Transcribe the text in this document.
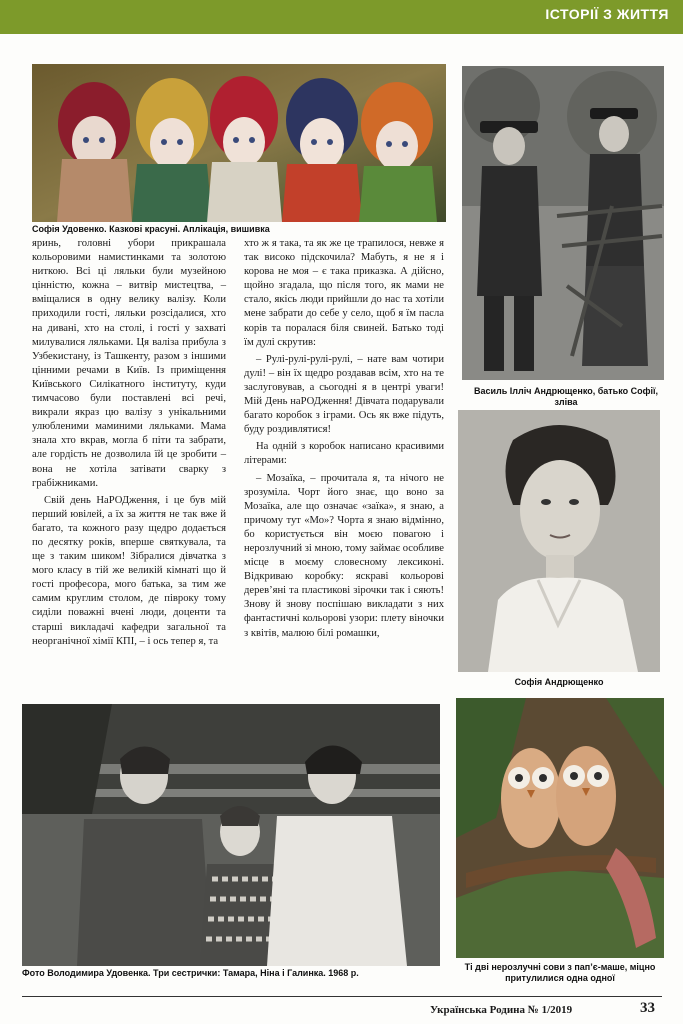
ІСТОРІЇ З ЖИТТЯ
Софія Удовенко. Казкові красуні. Аплікація, вишивка
Василь Ілліч Андрющенко, батько Софії, зліва
Софія Андрющенко
Фото Володимира Удовенка. Три сестрички: Тамара, Ніна і Галинка. 1968 р.
Ті дві нерозлучні сови з пап’є-маше, міцно притулилися одна одної

яринь, головні убори прикрашала кольоровими намистинками та золотою ниткою. Всі ці ляльки були музейною цінністю, кожна – витвір мистецтва, – вміщалися в одну велику валізу. Коли приходили гості, ляльки розсідалися, хто на дивані, хто на столі, і гості у захваті милувалися ляльками. Ця валіза прибула з Узбекистану, із Ташкенту, разом з іншими цінними речами в Київ. Із приміщення Київського Силікатного інституту, куди тимчасово були поставлені всі речі, викрали якраз цю валізу з унікальними улюбленими маминими ляльками. Мама знала хто вкрав, могла б піти та забрати, але гордість не дозволила їй це зробити – вона не хотіла затівати сварку з грабіжниками.

Свій день НаРОДження, і це був мій перший ювілей, а їх за життя не так вже й багато, та кожного разу щедро додається по десятку років, вперше святкувала, та ще з таким шиком! Зібралися дівчатка з мого класу в тій же великій кімнаті що й гості професора, мого батька, за тим же самим круглим столом, де півроку тому сиділи поважні вчені люди, доценти та старші викладачі кафедри загальної та неорганічної хімії КПІ, – і ось тепер я, та

хто ж я така, та як же це трапилося, невже я так високо підскочила? Мабуть, я не я і корова не моя – є така приказка. А дійсно, щойно згадала, що після того, як мами не стало, якісь люди прийшли до нас та хотіли мене забрати до себе у село, щоб я їм пасла корів та поралася біля свиней. Батько тоді їм дулі скрутив:

– Рулі-рулі-рулі-рулі, – нате вам чотири дулі! – він їх щедро роздавав всім, хто на те заслуговував, а сьогодні я в центрі уваги! Мій День наРОДження! Дівчата подарували багато коробок з іграми. Ось як вже підуть, буду роздивлятися!

На одній з коробок написано красивими літерами:

– Мозаїка, – прочитала я, та нічого не зрозуміла. Чорт його знає, що воно за Мозаїка, але що означає «заїка», я знаю, а причому тут «Мо»? Чорта я знаю відмінно, бо користується він моєю повагою і нерозлучний зі мною, тому займає особливе місце в моєму словесному лексиконі. Відкриваю коробку: яскраві кольорові дерев’яні та пластикові зірочки так і сяють! Знову й знову поспішаю викладати з них фантастичні кольорові узори: плету віночки з квітів, малюю білі ромашки,

Українська Родина № 1/2019	33
